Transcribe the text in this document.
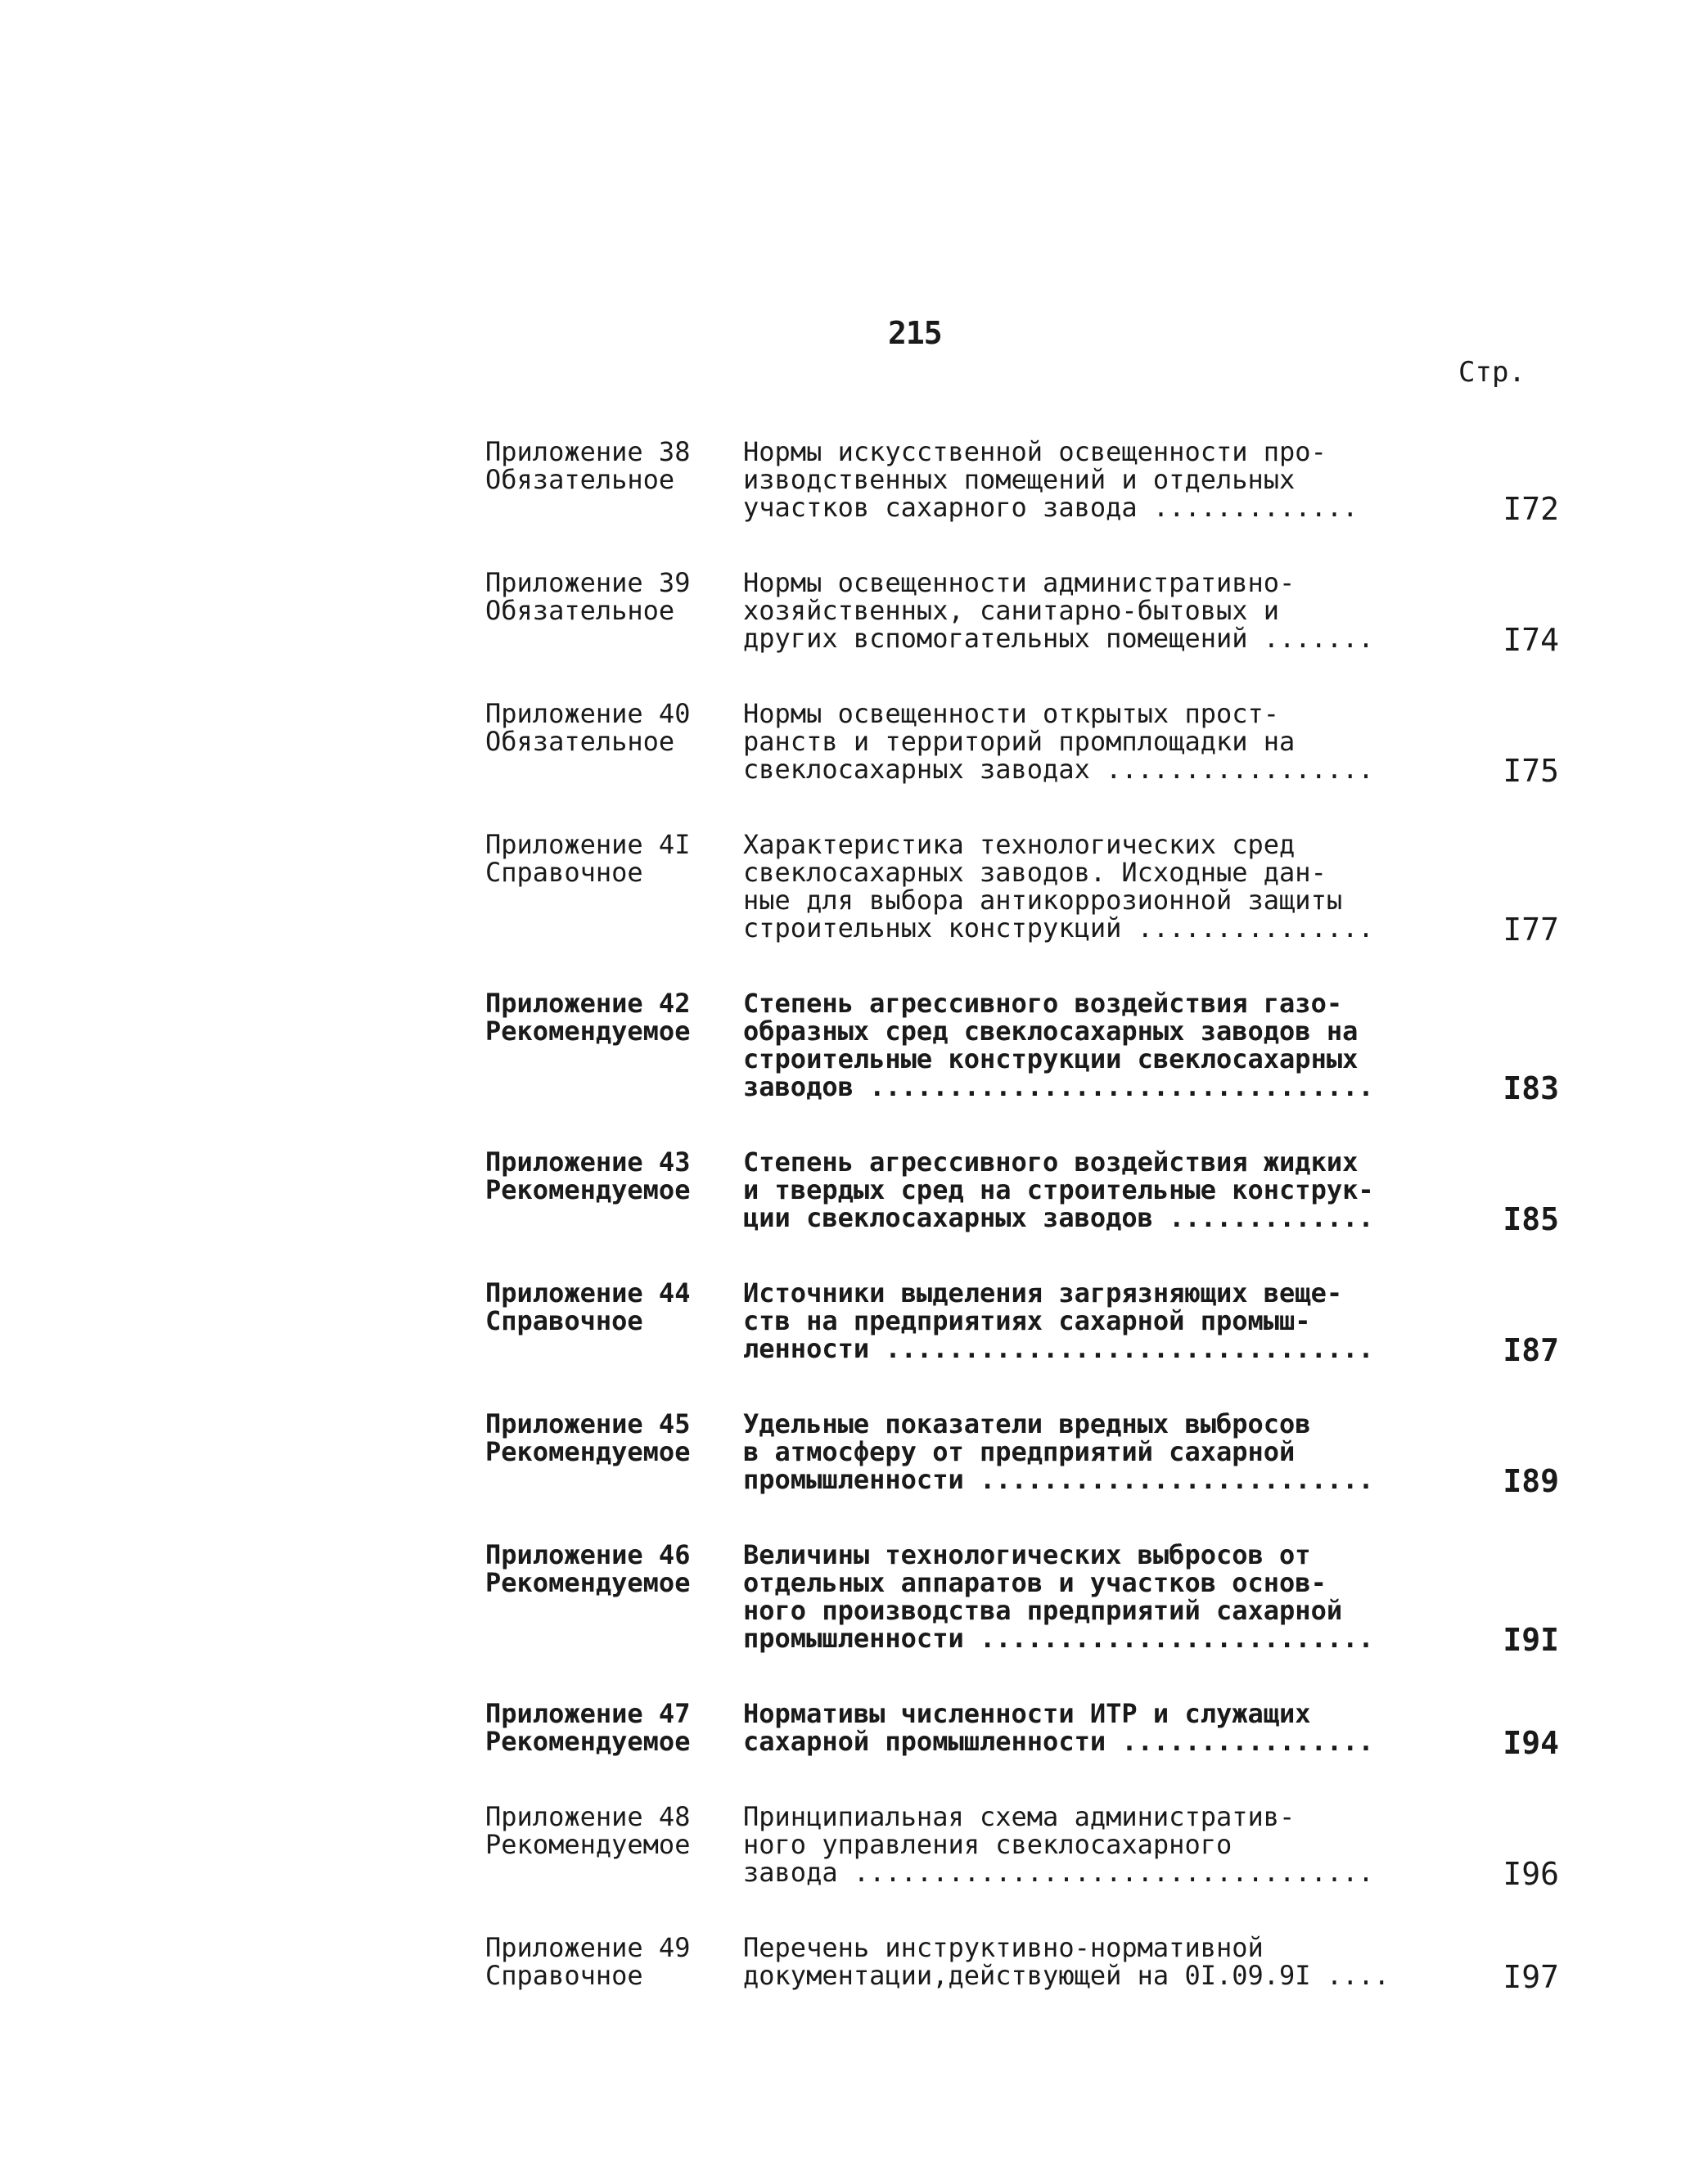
215
Стр.
Приложение 38
Обязательное
Нормы искусственной освещенности про-
изводственных помещений и отдельных
участков сахарного завода .............	I72
Приложение 39
Обязательное
Нормы освещенности административно-
хозяйственных, санитарно-бытовых и
других вспомогательных помещений .......	I74
Приложение 40
Обязательное
Нормы освещенности открытых прост-
ранств и территорий промплощадки на
свеклосахарных заводах .................	I75
Приложение 4I
Справочное
Характеристика технологических сред
свеклосахарных заводов. Исходные дан-
ные для выбора антикоррозионной защиты
строительных конструкций ...............	I77
Приложение 42
Рекомендуемое
Степень агрессивного воздействия газо-
образных сред свеклосахарных заводов на
строительные конструкции свеклосахарных
заводов ................................	I83
Приложение 43
Рекомендуемое
Степень агрессивного воздействия жидких
и твердых сред на строительные конструк-
ции свеклосахарных заводов .............	I85
Приложение 44
Справочное
Источники выделения загрязняющих веще-
ств на предприятиях сахарной промыш-
ленности ...............................	I87
Приложение 45
Рекомендуемое
Удельные показатели вредных выбросов
в атмосферу от предприятий сахарной
промышленности .........................	I89
Приложение 46
Рекомендуемое
Величины технологических выбросов от
отдельных аппаратов и участков основ-
ного производства предприятий сахарной
промышленности .........................	I9I
Приложение 47
Рекомендуемое
Нормативы численности ИТР и служащих
сахарной промышленности ................	I94
Приложение 48
Рекомендуемое
Принципиальная схема административ-
ного управления свеклосахарного
завода .................................	I96
Приложение 49
Справочное
Перечень инструктивно-нормативной
документации,действующей на 0I.09.9I ....	I97
